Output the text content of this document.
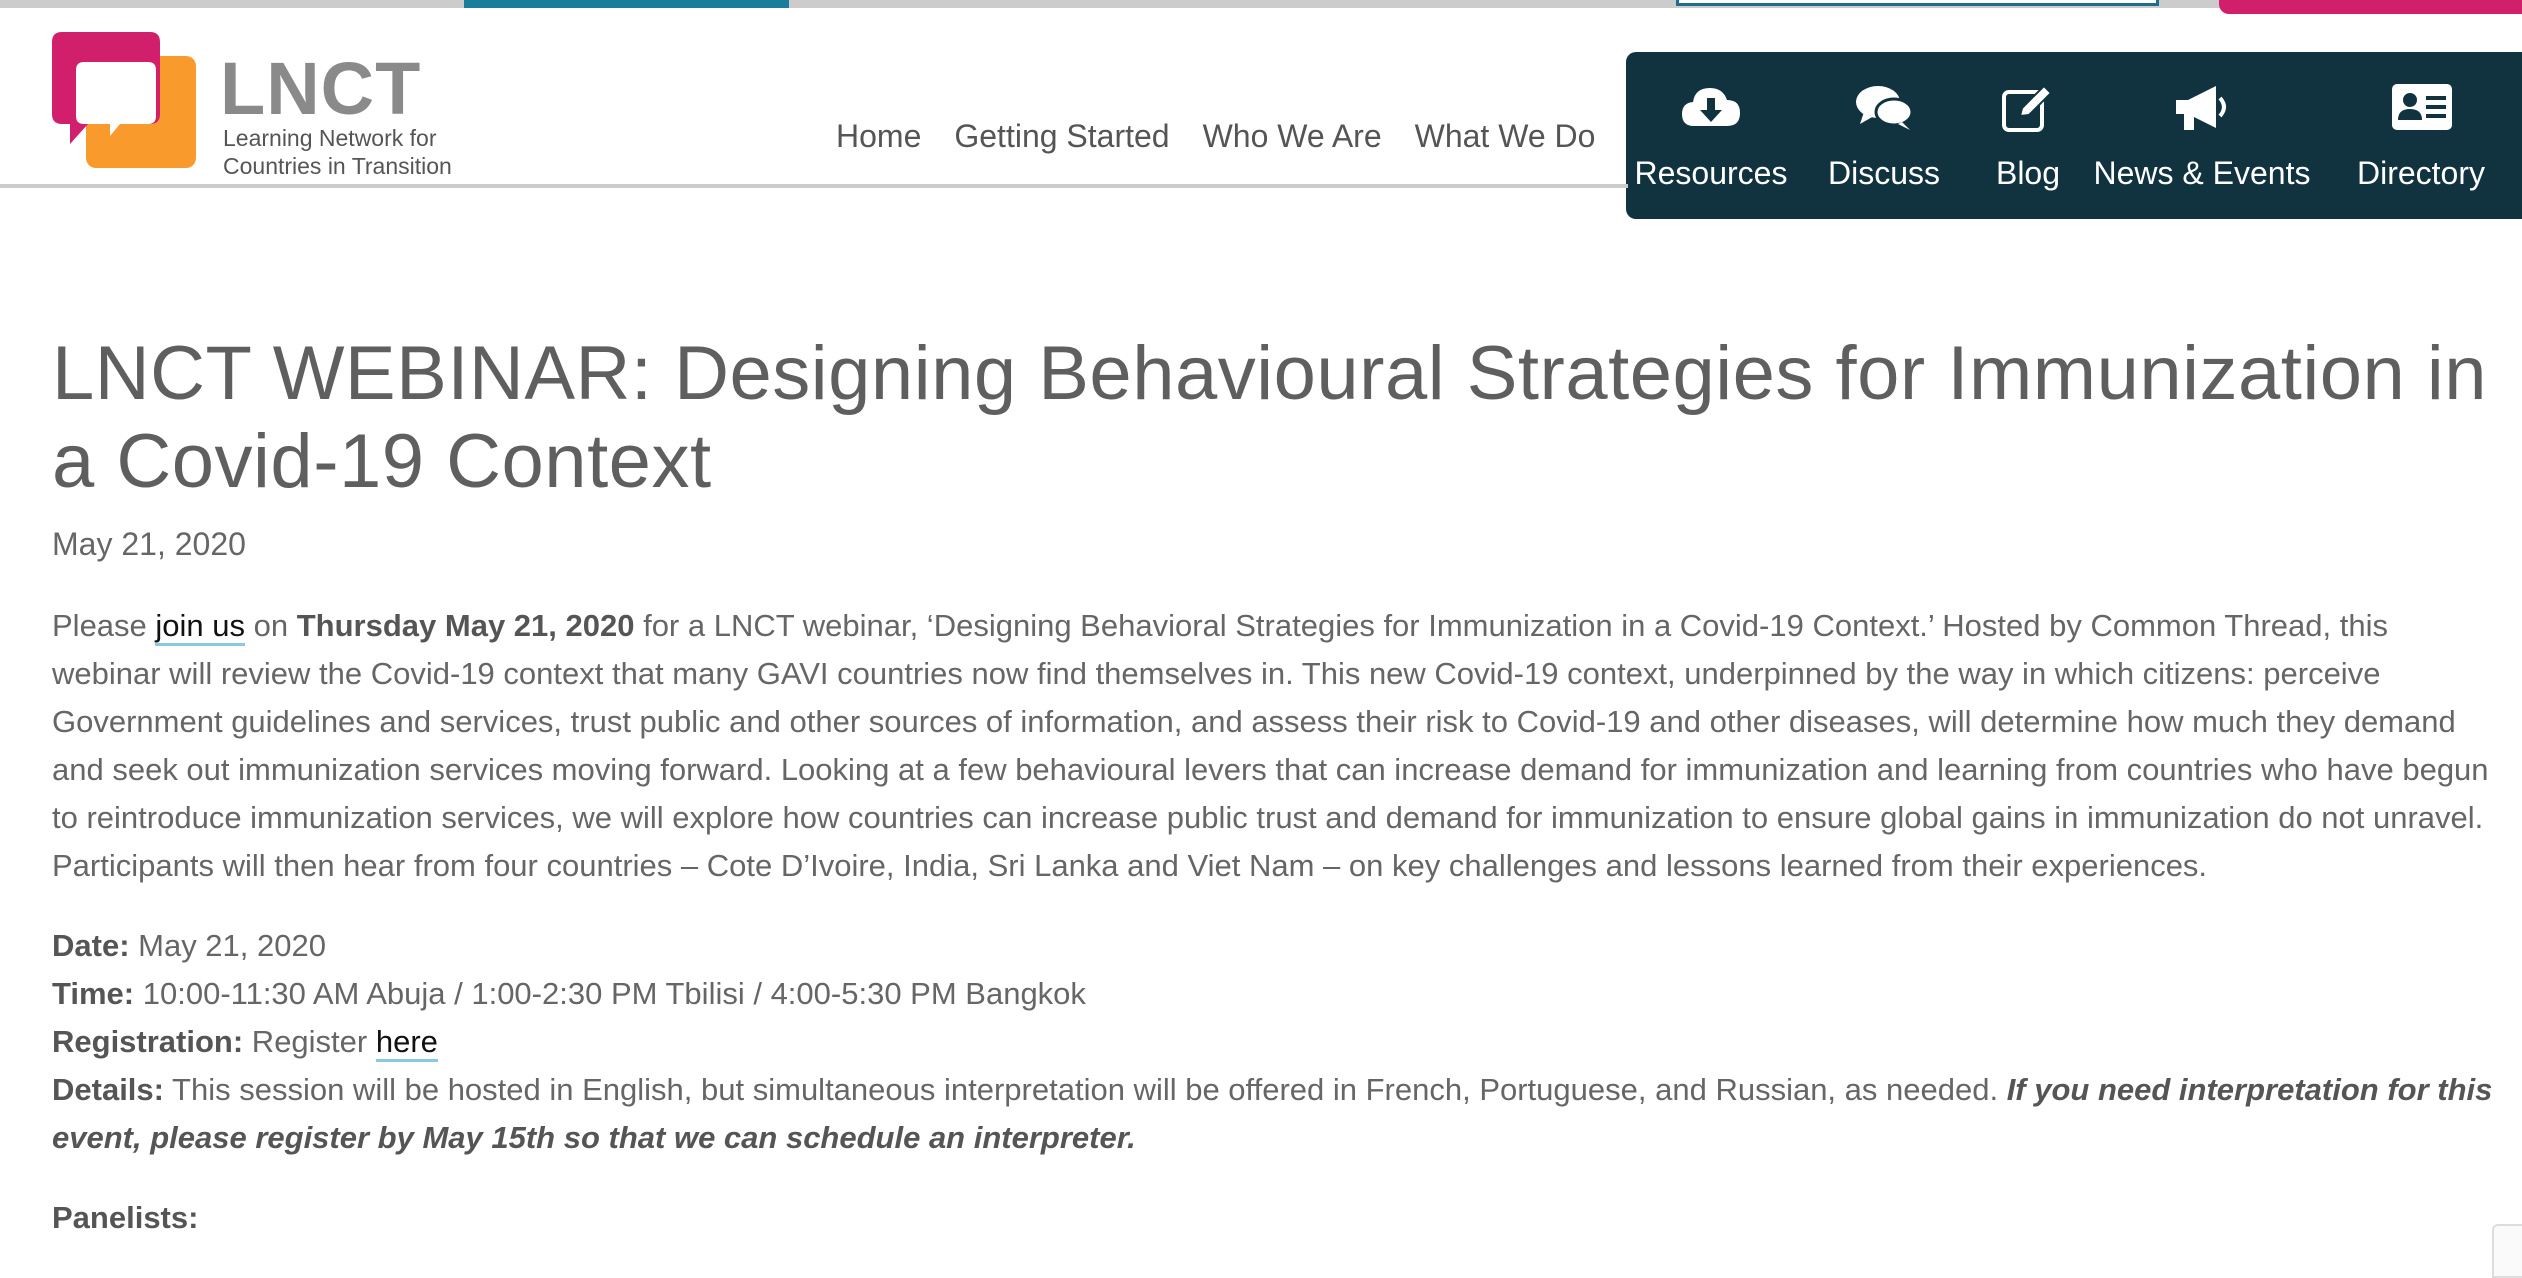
LNCT
Learning Network for
Countries in Transition
Home Getting Started Who We Are What We Do
Resources	Discuss	Blog	News & Events	Directory
LNCT WEBINAR: Designing Behavioural Strategies for Immunization in a Covid-19 Context
May 21, 2020
Please join us on Thursday May 21, 2020 for a LNCT webinar, ‘Designing Behavioral Strategies for Immunization in a Covid-19 Context.’ Hosted by Common Thread, this webinar will review the Covid-19 context that many GAVI countries now find themselves in. This new Covid-19 context, underpinned by the way in which citizens: perceive Government guidelines and services, trust public and other sources of information, and assess their risk to Covid-19 and other diseases, will determine how much they demand and seek out immunization services moving forward. Looking at a few behavioural levers that can increase demand for immunization and learning from countries who have begun to reintroduce immunization services, we will explore how countries can increase public trust and demand for immunization to ensure global gains in immunization do not unravel. Participants will then hear from four countries – Cote D’Ivoire, India, Sri Lanka and Viet Nam – on key challenges and lessons learned from their experiences.
Date: May 21, 2020
Time: 10:00-11:30 AM Abuja / 1:00-2:30 PM Tbilisi / 4:00-5:30 PM Bangkok
Registration: Register here
Details: This session will be hosted in English, but simultaneous interpretation will be offered in French, Portuguese, and Russian, as needed. If you need interpretation for this event, please register by May 15th so that we can schedule an interpreter.
Panelists:
